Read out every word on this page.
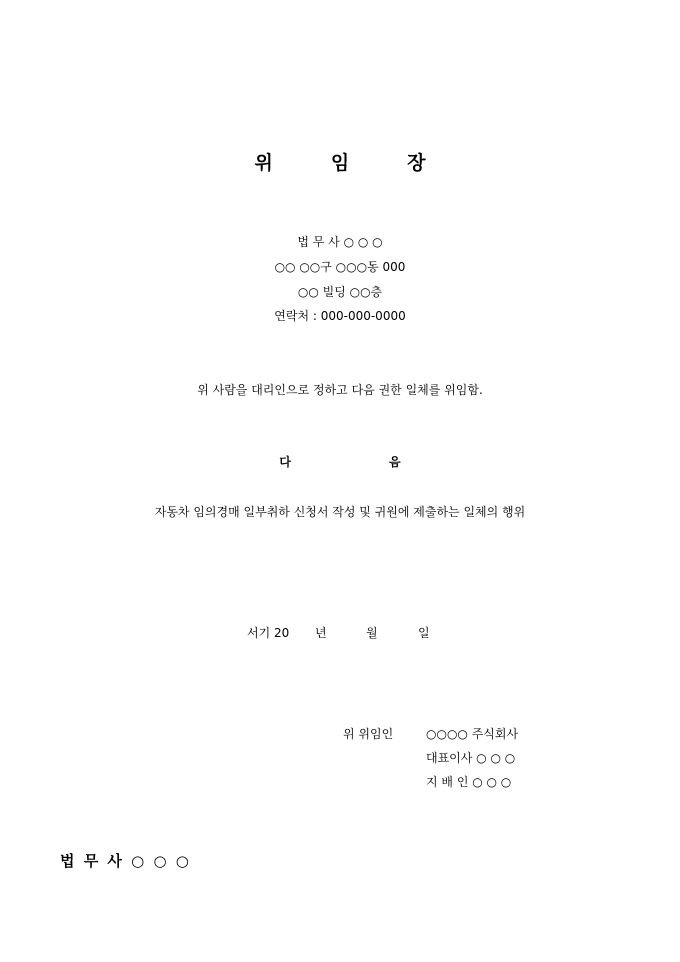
위	임	장
법 무 사 ○ ○ ○
○○ ○○구 ○○○동 000
○○ 빌딩 ○○층
연락처 : 000-000-0000
위 사람을 대리인으로 정하고 다음 권한 일체를 위임함.
다	음
자동차 임의경매 일부취하 신청서 작성 및 귀원에 제출하는 일체의 행위
서기 20 년	월	일
위 위임인	○○○○ 주식회사
대표이사 ○ ○ ○
지 배 인 ○ ○ ○
법 무 사 ○ ○ ○
